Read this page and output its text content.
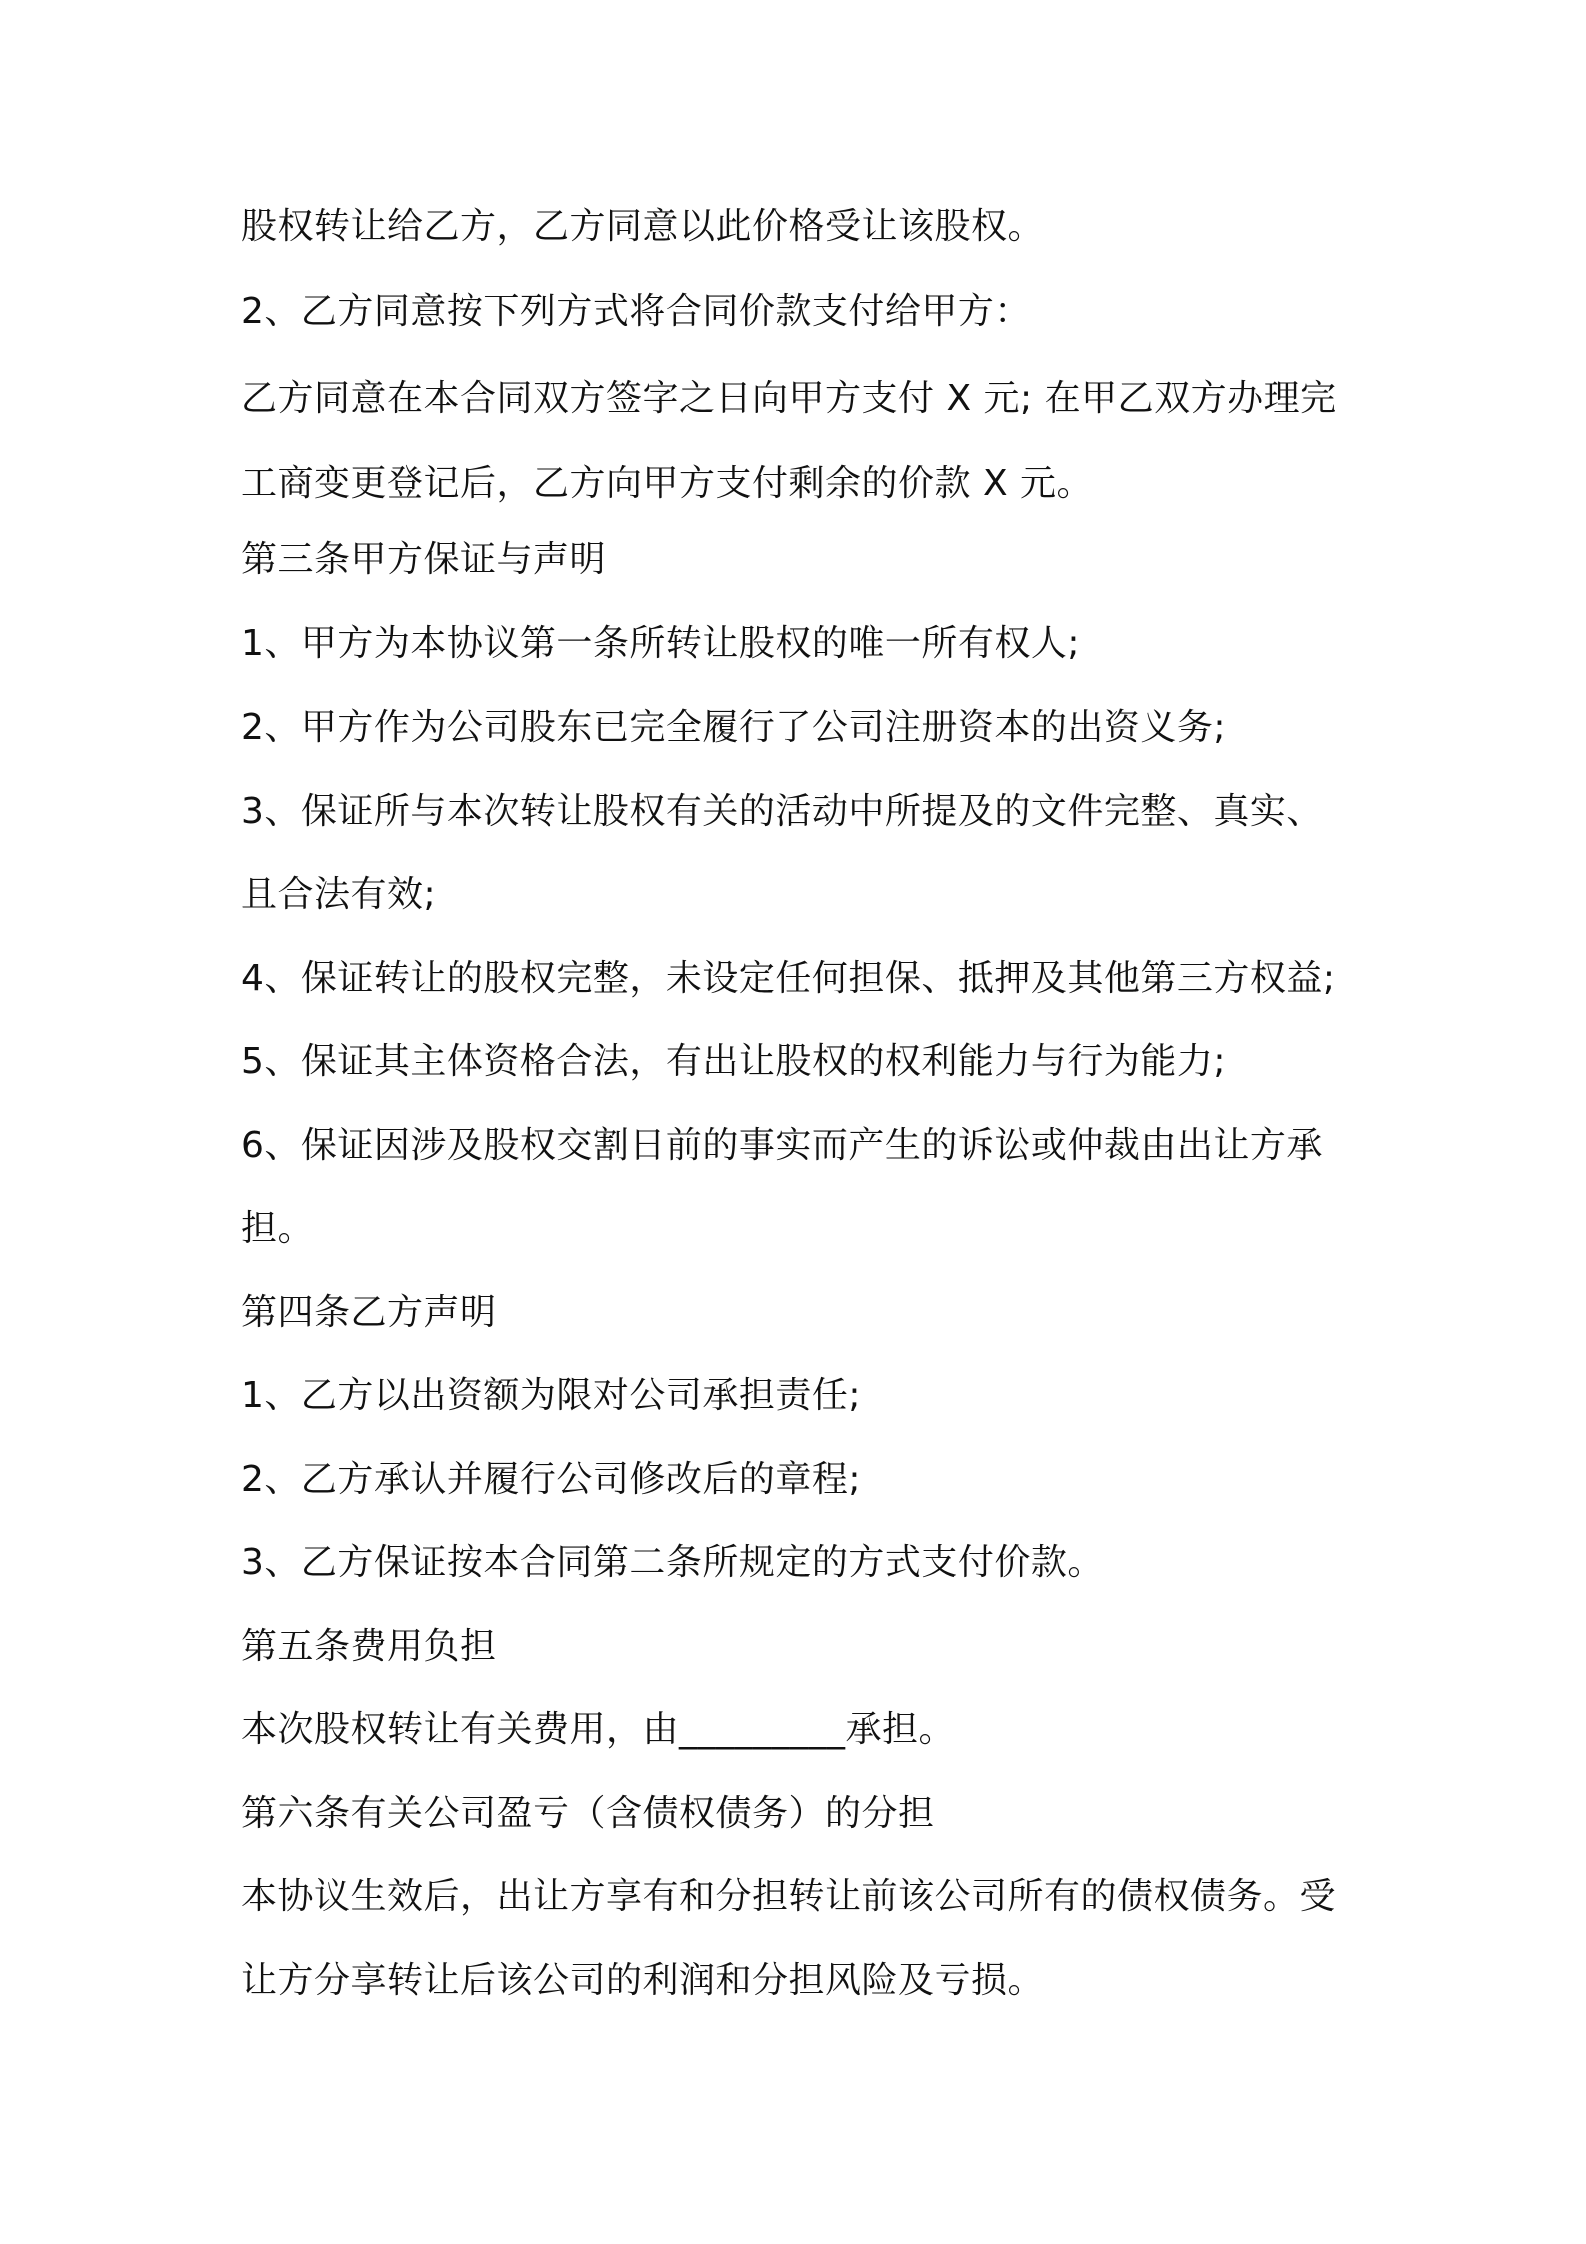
股权转让给乙方，乙方同意以此价格受让该股权。
2、乙方同意按下列方式将合同价款支付给甲方：
乙方同意在本合同双方签字之日向甲方支付 X 元; 在甲乙双方办理完
工商变更登记后，乙方向甲方支付剩余的价款 X 元。
第三条甲方保证与声明
1、甲方为本协议第一条所转让股权的唯一所有权人;
2、甲方作为公司股东已完全履行了公司注册资本的出资义务;
3、保证所与本次转让股权有关的活动中所提及的文件完整、真实、
且合法有效;
4、保证转让的股权完整，未设定任何担保、抵押及其他第三方权益;
5、保证其主体资格合法，有出让股权的权利能力与行为能力;
6、保证因涉及股权交割日前的事实而产生的诉讼或仲裁由出让方承
担。
第四条乙方声明
1、乙方以出资额为限对公司承担责任;
2、乙方承认并履行公司修改后的章程;
3、乙方保证按本合同第二条所规定的方式支付价款。
第五条费用负担
本次股权转让有关费用，由_________承担。
第六条有关公司盈亏（含债权债务）的分担
本协议生效后，出让方享有和分担转让前该公司所有的债权债务。受
让方分享转让后该公司的利润和分担风险及亏损。
